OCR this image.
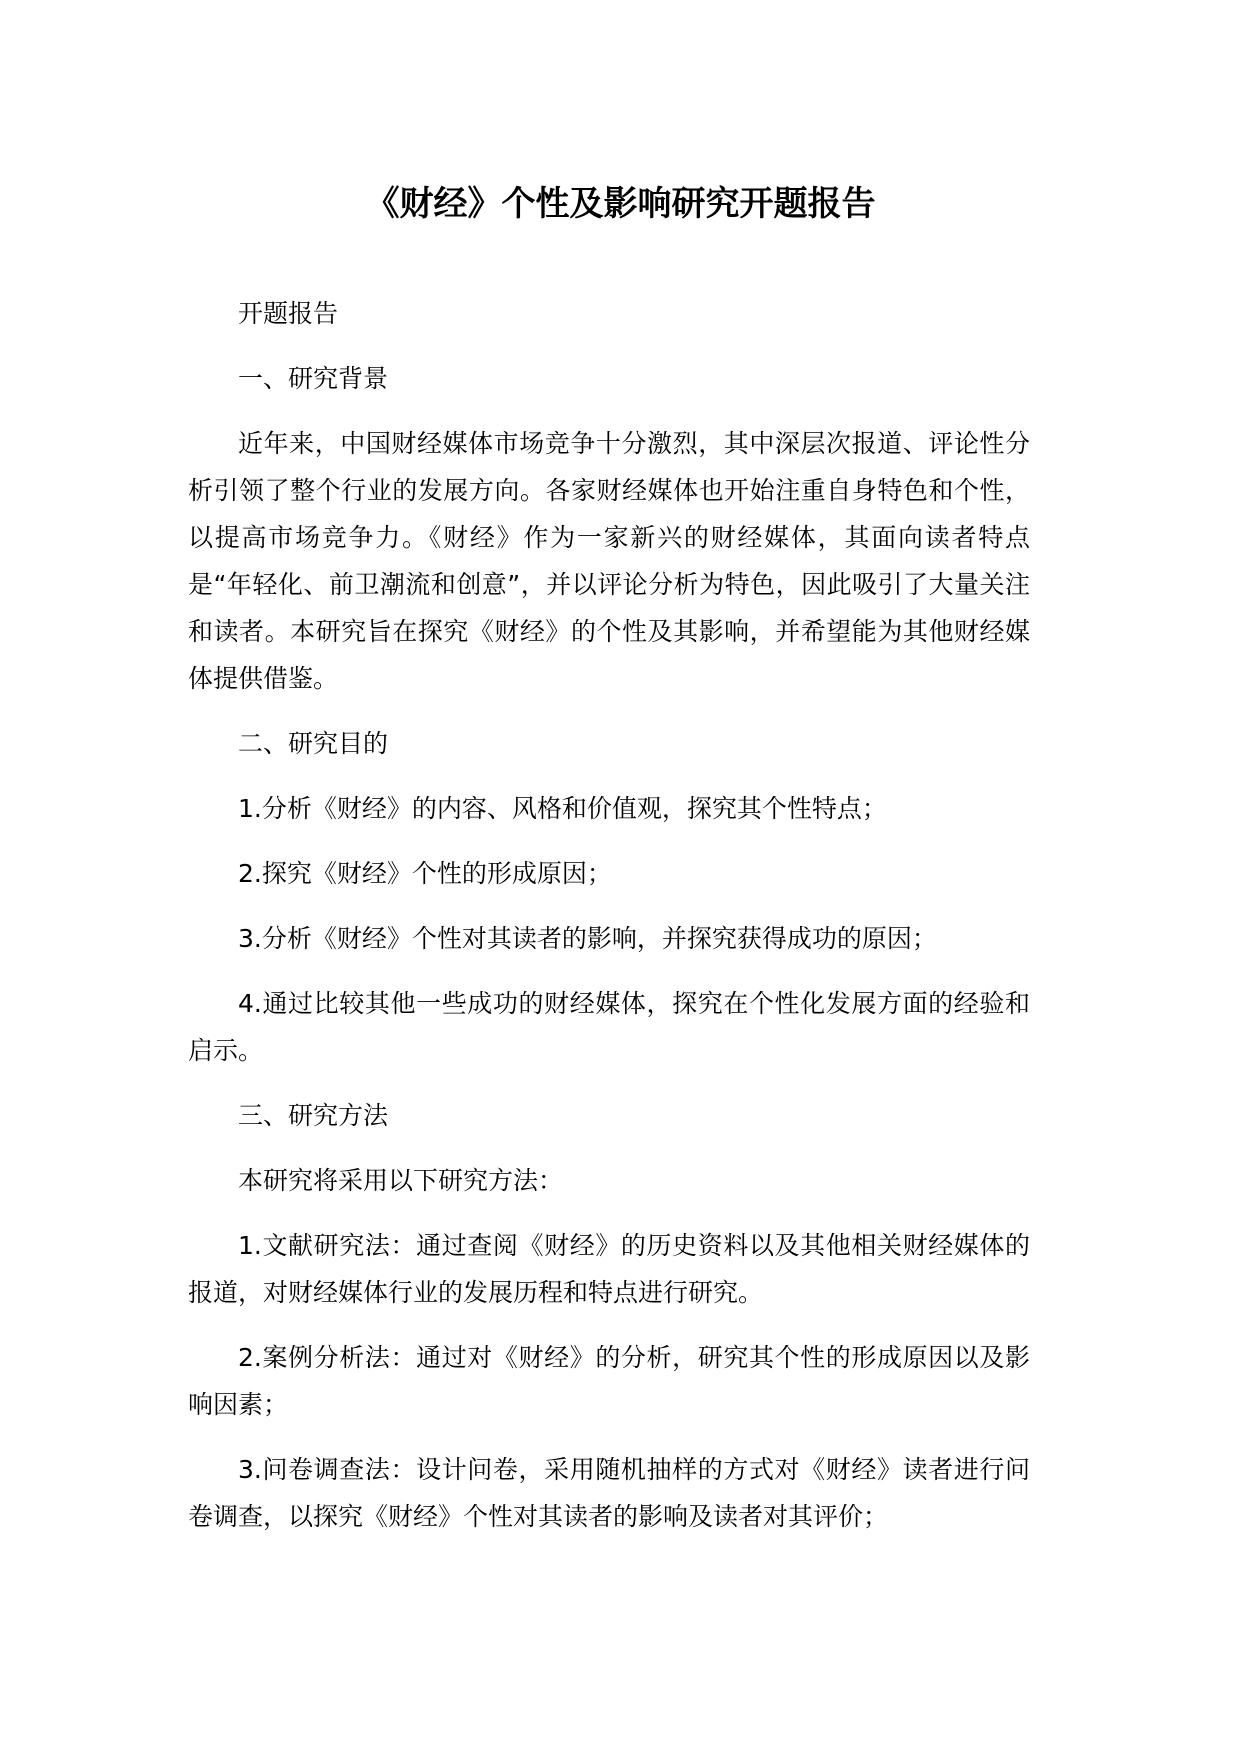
《财经》个性及影响研究开题报告

开题报告

一、研究背景

近年来，中国财经媒体市场竞争十分激烈，其中深层次报道、评论性分析引领了整个行业的发展方向。各家财经媒体也开始注重自身特色和个性，以提高市场竞争力。《财经》作为一家新兴的财经媒体，其面向读者特点是“年轻化、前卫潮流和创意”，并以评论分析为特色，因此吸引了大量关注和读者。本研究旨在探究《财经》的个性及其影响，并希望能为其他财经媒体提供借鉴。

二、研究目的

1.分析《财经》的内容、风格和价值观，探究其个性特点；

2.探究《财经》个性的形成原因；

3.分析《财经》个性对其读者的影响，并探究获得成功的原因；

4.通过比较其他一些成功的财经媒体，探究在个性化发展方面的经验和启示。

三、研究方法

本研究将采用以下研究方法：

1.文献研究法：通过查阅《财经》的历史资料以及其他相关财经媒体的报道，对财经媒体行业的发展历程和特点进行研究。

2.案例分析法：通过对《财经》的分析，研究其个性的形成原因以及影响因素；

3.问卷调查法：设计问卷，采用随机抽样的方式对《财经》读者进行问卷调查，以探究《财经》个性对其读者的影响及读者对其评价；
